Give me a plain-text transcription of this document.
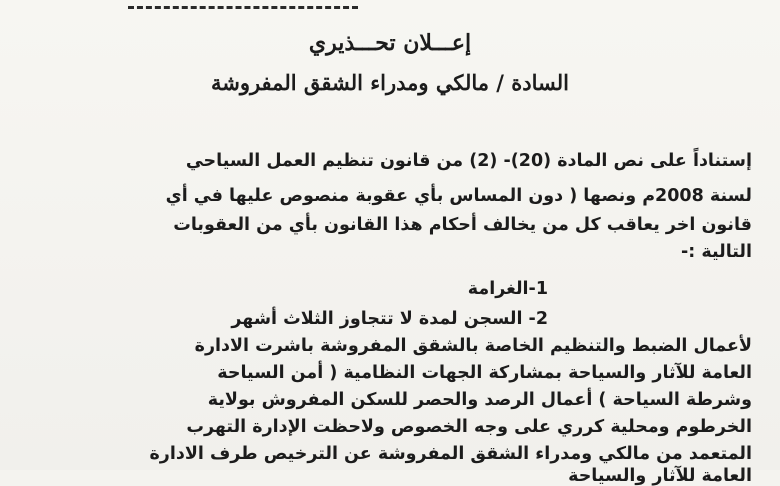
إعـــلان تحـــذيري
السادة / مالكي ومدراء الشقق المفروشة
إستناداً على نص المادة (20)- (2) من قانون تنظيم العمل السياحي
لسنة 2008م ونصها ( دون المساس بأي عقوبة منصوص عليها في أي
قانون اخر يعاقب كل من يخالف أحكام هذا القانون بأي من العقوبات
التالية :-
1-الغرامة
2- السجن لمدة لا تتجاوز الثلاث أشهر
لأعمال الضبط والتنظيم الخاصة بالشقق المفروشة باشرت الادارة
العامة للآثار والسياحة بمشاركة الجهات النظامية ( أمن السياحة
وشرطة السياحة ) أعمال الرصد والحصر للسكن المفروش بولاية
الخرطوم ومحلية كرري على وجه الخصوص ولاحظت الإدارة التهرب
المتعمد من مالكي ومدراء الشقق المفروشة عن الترخيص طرف الادارة
العامة للآثار والسياحة
